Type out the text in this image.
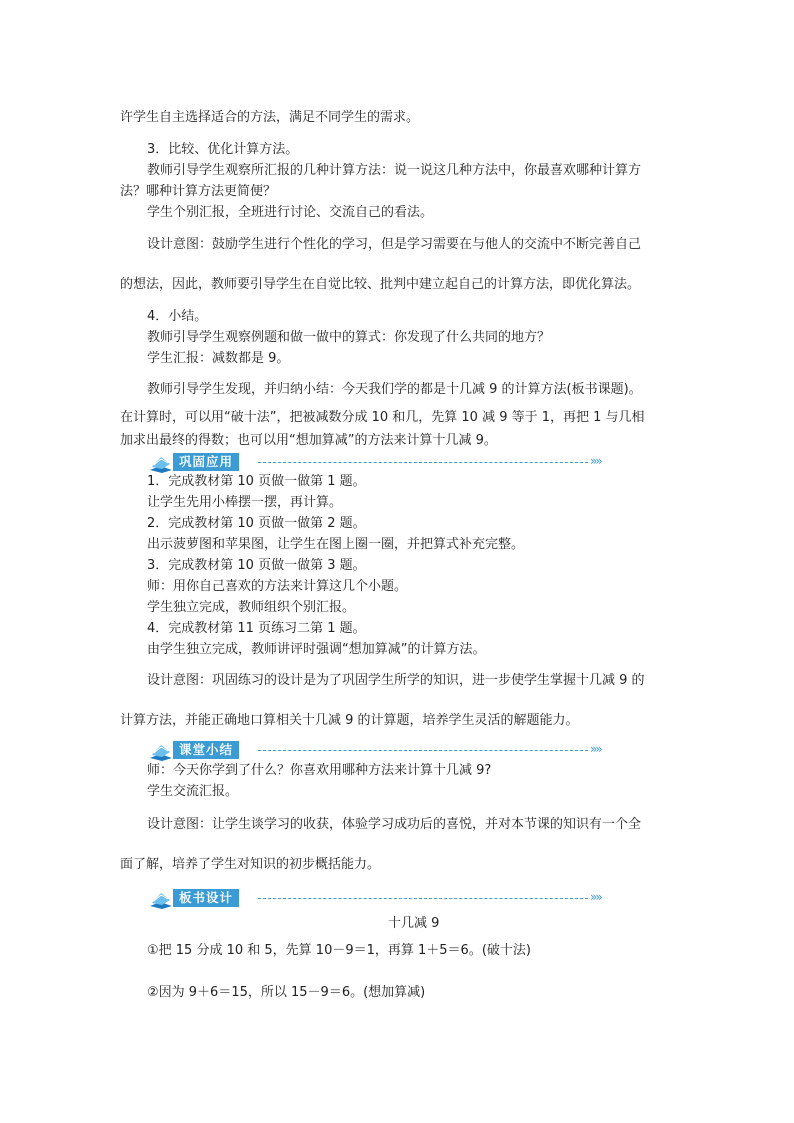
许学生自主选择适合的方法，满足不同学生的需求。
3．比较、优化计算方法。
教师引导学生观察所汇报的几种计算方法：说一说这几种方法中，你最喜欢哪种计算方
法？哪种计算方法更简便？
学生个别汇报，全班进行讨论、交流自己的看法。
设计意图：鼓励学生进行个性化的学习，但是学习需要在与他人的交流中不断完善自己
的想法，因此，教师要引导学生在自觉比较、批判中建立起自己的计算方法，即优化算法。
4．小结。
教师引导学生观察例题和做一做中的算式：你发现了什么共同的地方？
学生汇报：减数都是 9。
教师引导学生发现，并归纳小结：今天我们学的都是十几减 9 的计算方法(板书课题)。
在计算时，可以用“破十法”，把被减数分成 10 和几，先算 10 减 9 等于 1，再把 1 与几相
加求出最终的得数；也可以用“想加算减”的方法来计算十几减 9。
巩固应用	»»
1．完成教材第 10 页做一做第 1 题。
让学生先用小棒摆一摆，再计算。
2．完成教材第 10 页做一做第 2 题。
出示菠萝图和苹果图，让学生在图上圈一圈，并把算式补充完整。
3．完成教材第 10 页做一做第 3 题。
师：用你自己喜欢的方法来计算这几个小题。
学生独立完成，教师组织个别汇报。
4．完成教材第 11 页练习二第 1 题。
由学生独立完成，教师讲评时强调“想加算减”的计算方法。
设计意图：巩固练习的设计是为了巩固学生所学的知识，进一步使学生掌握十几减 9 的
计算方法，并能正确地口算相关十几减 9 的计算题，培养学生灵活的解题能力。
课堂小结	»»
师：今天你学到了什么？你喜欢用哪种方法来计算十几减 9?
学生交流汇报。
设计意图：让学生谈学习的收获，体验学习成功后的喜悦，并对本节课的知识有一个全
面了解，培养了学生对知识的初步概括能力。
板书设计	»»
十几减 9
①把 15 分成 10 和 5，先算 10－9＝1，再算 1＋5＝6。(破十法)
②因为 9＋6＝15，所以 15－9＝6。(想加算减)
